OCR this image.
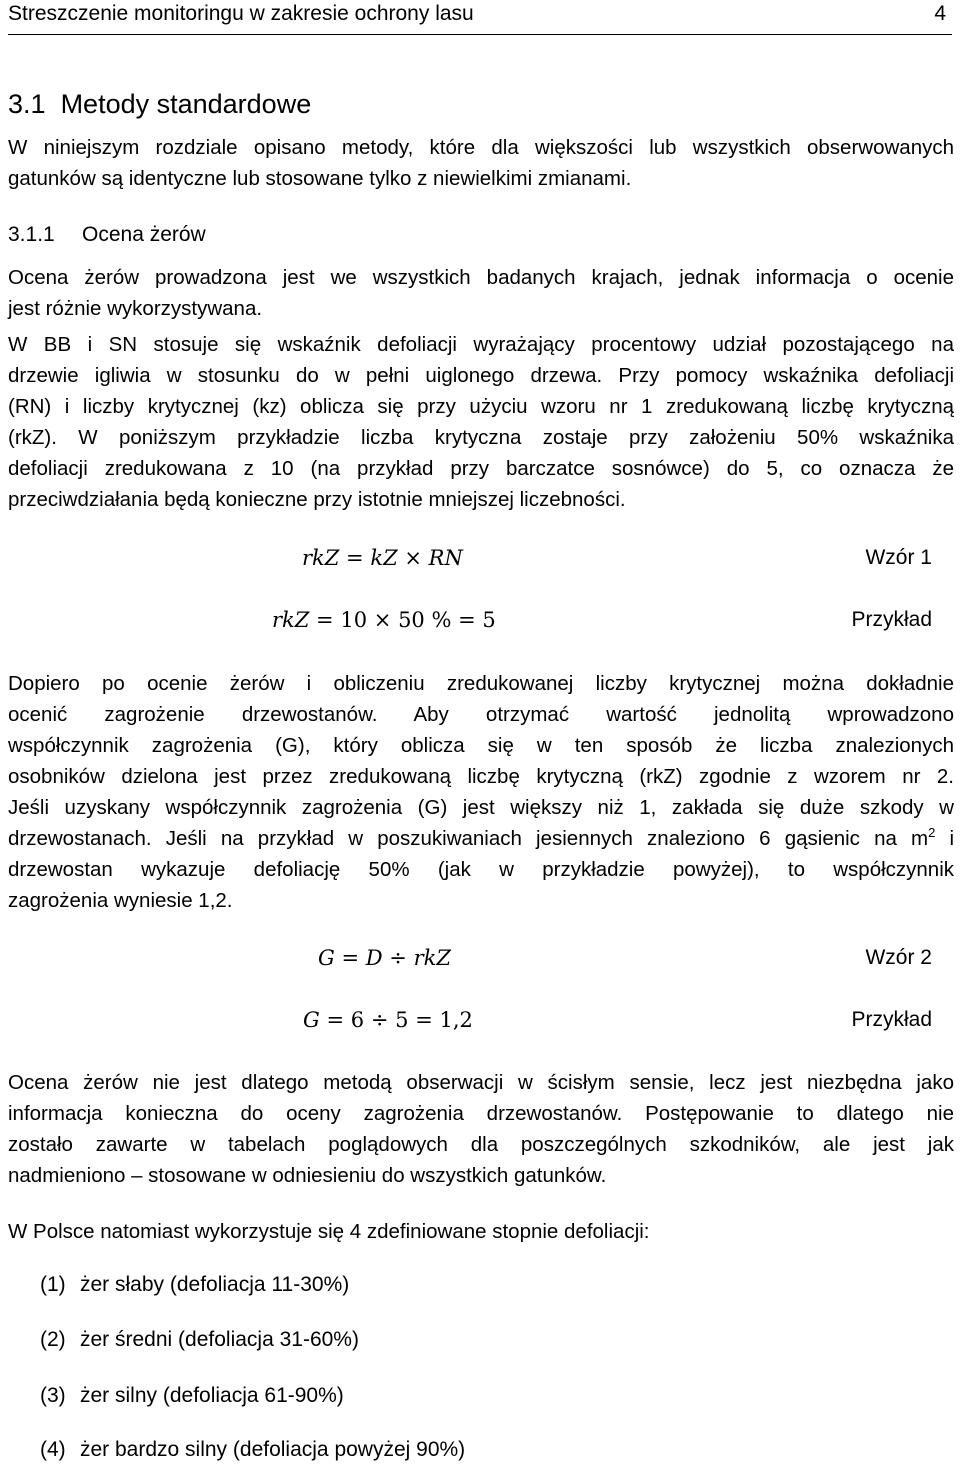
Streszczenie monitoringu w zakresie ochrony lasu	4
3.1 Metody standardowe
W niniejszym rozdziale opisano metody, które dla większości lub wszystkich obserwowanych
gatunków są identyczne lub stosowane tylko z niewielkimi zmianami.
3.1.1 Ocena żerów
Ocena żerów prowadzona jest we wszystkich badanych krajach, jednak informacja o ocenie
jest różnie wykorzystywana.
W BB i SN stosuje się wskaźnik defoliacji wyrażający procentowy udział pozostającego na
drzewie igliwia w stosunku do w pełni uiglonego drzewa. Przy pomocy wskaźnika defoliacji
(RN) i liczby krytycznej (kz) oblicza się przy użyciu wzoru nr 1 zredukowaną liczbę krytyczną
(rkZ). W poniższym przykładzie liczba krytyczna zostaje przy założeniu 50% wskaźnika
defoliacji zredukowana z 10 (na przykład przy barczatce sosnówce) do 5, co oznacza że
przeciwdziałania będą konieczne przy istotnie mniejszej liczebności.
rkZ = kZ × RN	Wzór 1
rkZ = 10 × 50 % = 5	Przykład
Dopiero po ocenie żerów i obliczeniu zredukowanej liczby krytycznej można dokładnie
ocenić zagrożenie drzewostanów. Aby otrzymać wartość jednolitą wprowadzono
współczynnik zagrożenia (G), który oblicza się w ten sposób że liczba znalezionych
osobników dzielona jest przez zredukowaną liczbę krytyczną (rkZ) zgodnie z wzorem nr 2.
Jeśli uzyskany współczynnik zagrożenia (G) jest większy niż 1, zakłada się duże szkody w
drzewostanach. Jeśli na przykład w poszukiwaniach jesiennych znaleziono 6 gąsienic na $m^2$ i
drzewostan wykazuje defoliację 50% (jak w przykładzie powyżej), to współczynnik
zagrożenia wyniesie 1,2.
G = D ÷ rkZ	Wzór 2
G = 6 ÷ 5 = 1,2	Przykład
Ocena żerów nie jest dlatego metodą obserwacji w ścisłym sensie, lecz jest niezbędna jako
informacja konieczna do oceny zagrożenia drzewostanów. Postępowanie to dlatego nie
zostało zawarte w tabelach poglądowych dla poszczególnych szkodników, ale jest jak
nadmieniono – stosowane w odniesieniu do wszystkich gatunków.
W Polsce natomiast wykorzystuje się 4 zdefiniowane stopnie defoliacji:
(1) żer słaby (defoliacja 11-30%)
(2) żer średni (defoliacja 31-60%)
(3) żer silny (defoliacja 61-90%)
(4) żer bardzo silny (defoliacja powyżej 90%)
